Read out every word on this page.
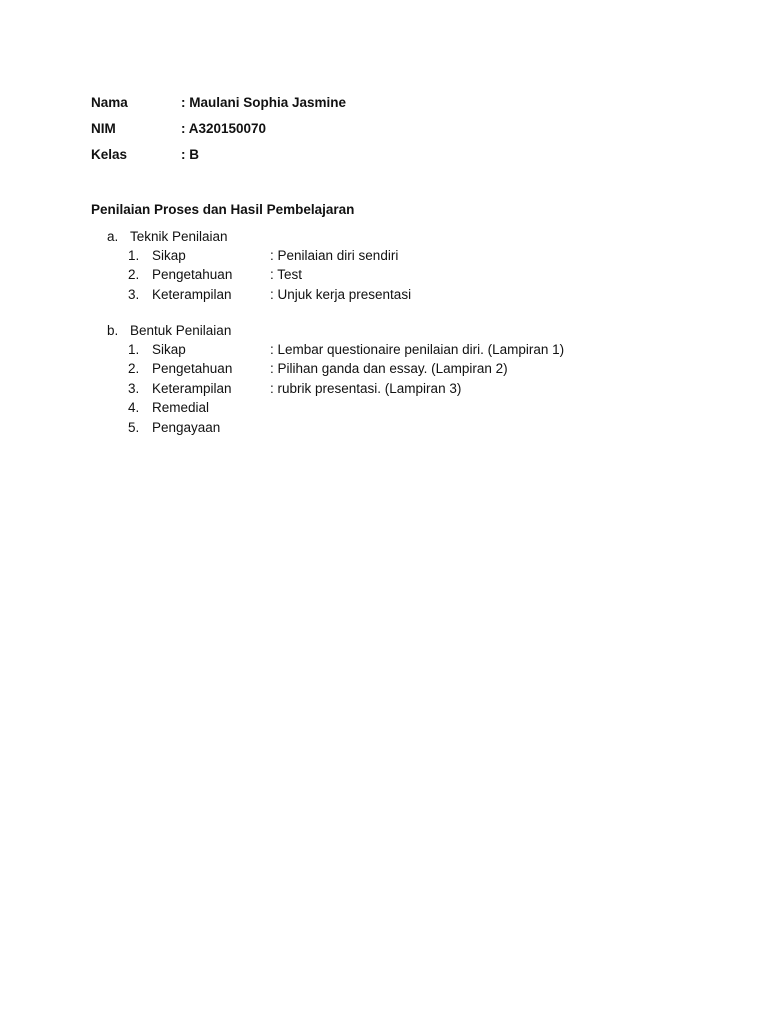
Nama	: Maulani Sophia Jasmine
NIM	: A320150070
Kelas	: B
Penilaian Proses dan Hasil Pembelajaran
a. Teknik Penilaian
1. Sikap	: Penilaian diri sendiri
2. Pengetahuan	: Test
3. Keterampilan	: Unjuk kerja presentasi
b. Bentuk Penilaian
1. Sikap	: Lembar questionaire penilaian diri. (Lampiran 1)
2. Pengetahuan	: Pilihan ganda dan essay. (Lampiran 2)
3. Keterampilan	: rubrik presentasi. (Lampiran 3)
4. Remedial
5. Pengayaan
